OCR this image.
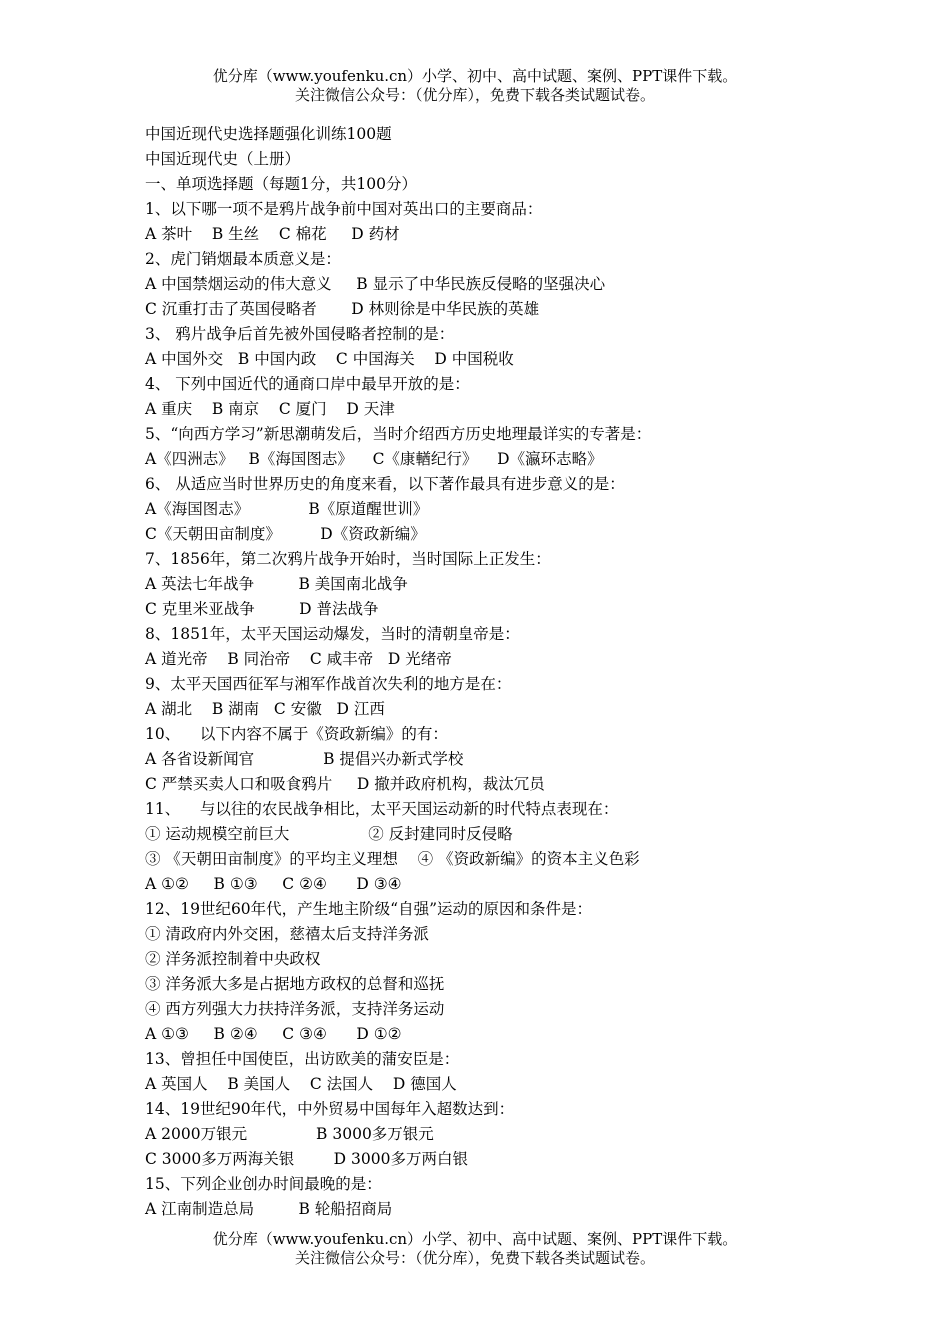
优分库（www.youfenku.cn）小学、初中、高中试题、案例、PPT课件下载。
关注微信公众号：（优分库），免费下载各类试题试卷。
中国近现代史选择题强化训练100题
中国近现代史（上册）
一、单项选择题（每题1分，共100分）
1、以下哪一项不是鸦片战争前中国对英出口的主要商品：
A 茶叶    B 生丝    C 棉花     D 药材
2、虎门销烟最本质意义是：
A 中国禁烟运动的伟大意义     B 显示了中华民族反侵略的坚强决心
C 沉重打击了英国侵略者       D 林则徐是中华民族的英雄
3、 鸦片战争后首先被外国侵略者控制的是：
A 中国外交   B 中国内政    C 中国海关    D 中国税收
4、 下列中国近代的通商口岸中最早开放的是：
A 重庆    B 南京    C 厦门    D 天津
5、“向西方学习”新思潮萌发后，当时介绍西方历史地理最详实的专著是：
A《四洲志》   B《海国图志》    C《康輶纪行》    D《瀛环志略》
6、 从适应当时世界历史的角度来看，以下著作最具有进步意义的是：
A《海国图志》            B《原道醒世训》
C《天朝田亩制度》        D《资政新编》
7、1856年，第二次鸦片战争开始时，当时国际上正发生：
A 英法七年战争         B 美国南北战争
C 克里米亚战争         D 普法战争
8、1851年，太平天国运动爆发，当时的清朝皇帝是：
A 道光帝    B 同治帝    C 咸丰帝   D 光绪帝
9、太平天国西征军与湘军作战首次失利的地方是在：
A 湖北    B 湖南   C 安徽   D 江西
10、    以下内容不属于《资政新编》的有：
A 各省设新闻官              B 提倡兴办新式学校
C 严禁买卖人口和吸食鸦片     D 撤并政府机构，裁汰冗员
11、    与以往的农民战争相比，太平天国运动新的时代特点表现在：
① 运动规模空前巨大                ② 反封建同时反侵略
③ 《天朝田亩制度》的平均主义理想    ④ 《资政新编》的资本主义色彩
A ①②     B ①③     C ②④      D ③④
12、19世纪60年代，产生地主阶级“自强”运动的原因和条件是：
① 清政府内外交困，慈禧太后支持洋务派
② 洋务派控制着中央政权
③ 洋务派大多是占据地方政权的总督和巡抚
④ 西方列强大力扶持洋务派，支持洋务运动
A ①③     B ②④     C ③④      D ①②
13、曾担任中国使臣，出访欧美的蒲安臣是：
A 英国人    B 美国人    C 法国人    D 德国人
14、19世纪90年代，中外贸易中国每年入超数达到：
A 2000万银元              B 3000多万银元
C 3000多万两海关银        D 3000多万两白银
15、下列企业创办时间最晚的是：
A 江南制造总局         B 轮船招商局
优分库（www.youfenku.cn）小学、初中、高中试题、案例、PPT课件下载。
关注微信公众号：（优分库），免费下载各类试题试卷。
